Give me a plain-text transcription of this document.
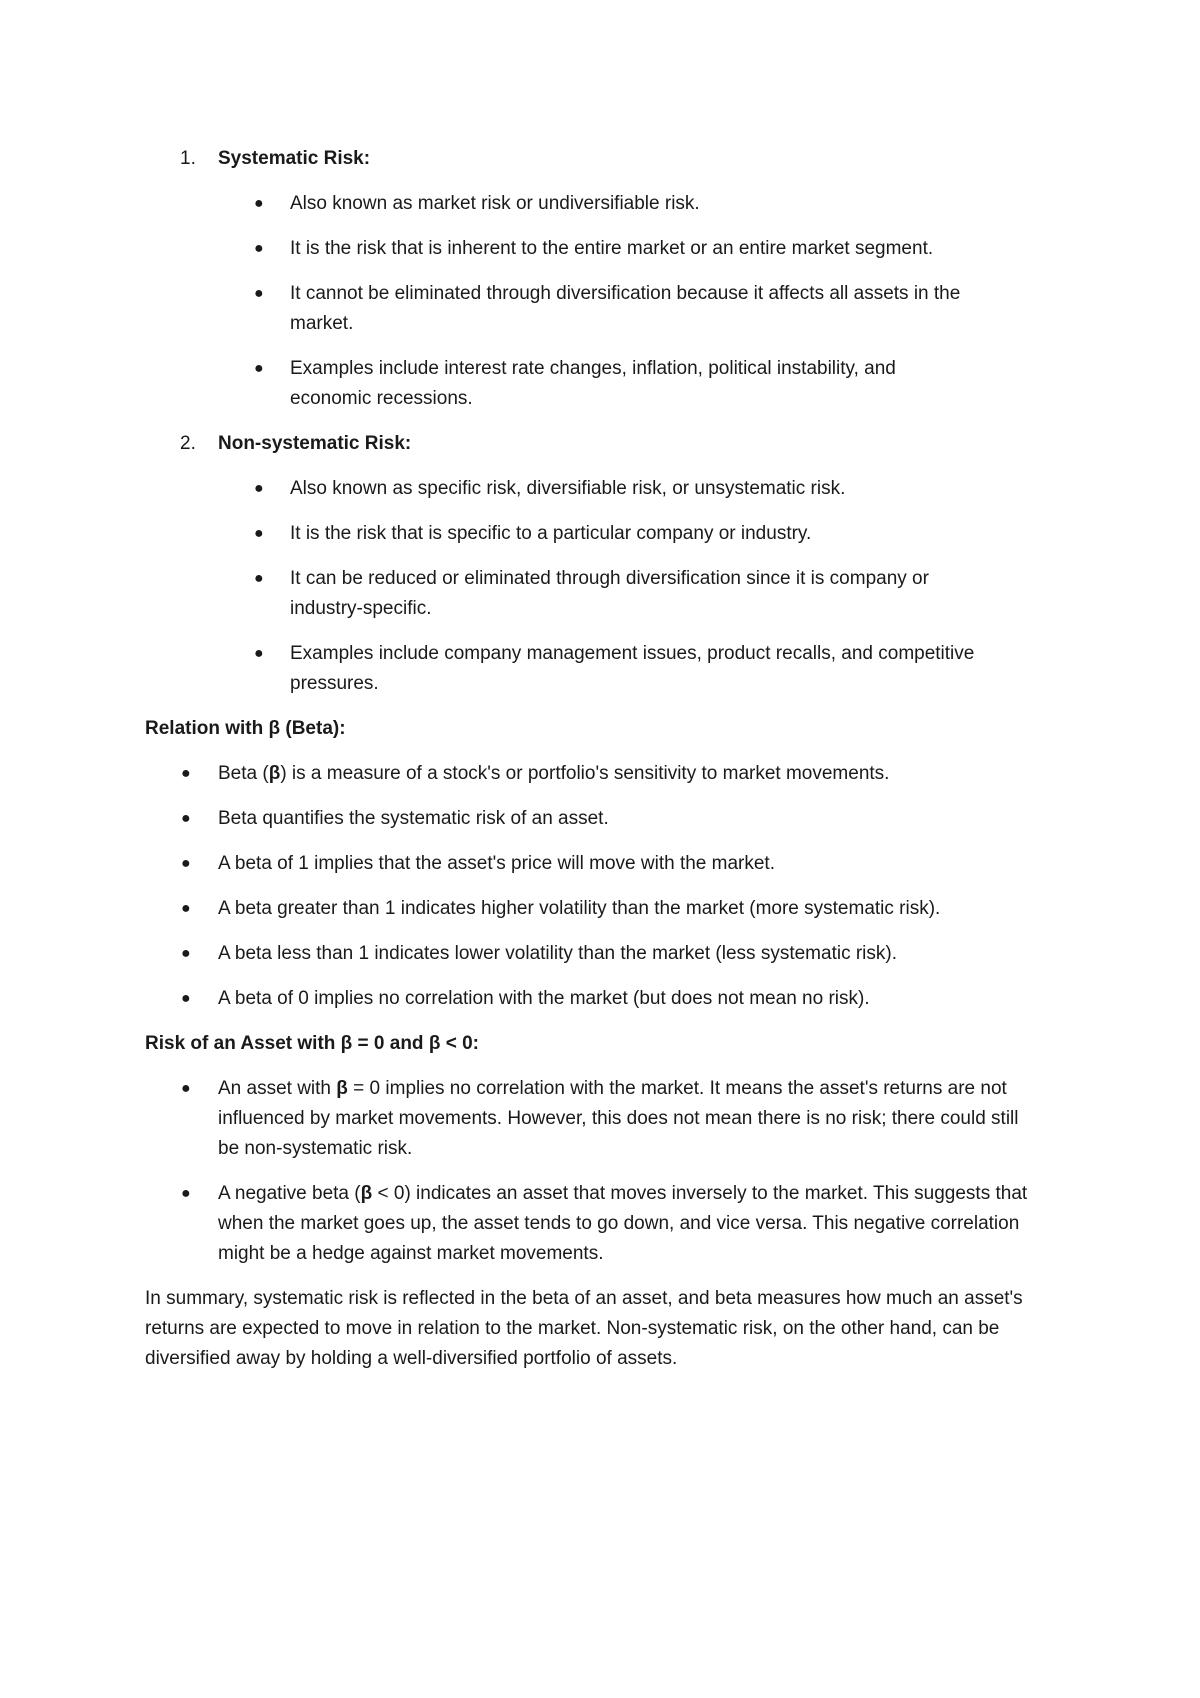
1. Systematic Risk:

● Also known as market risk or undiversifiable risk.
● It is the risk that is inherent to the entire market or an entire market segment.
● It cannot be eliminated through diversification because it affects all assets in the market.
● Examples include interest rate changes, inflation, political instability, and economic recessions.
2. Non-systematic Risk:

● Also known as specific risk, diversifiable risk, or unsystematic risk.
● It is the risk that is specific to a particular company or industry.
● It can be reduced or eliminated through diversification since it is company or industry-specific.
● Examples include company management issues, product recalls, and competitive pressures.

Relation with β (Beta):

● Beta (β) is a measure of a stock's or portfolio's sensitivity to market movements.
● Beta quantifies the systematic risk of an asset.
● A beta of 1 implies that the asset's price will move with the market.
● A beta greater than 1 indicates higher volatility than the market (more systematic risk).
● A beta less than 1 indicates lower volatility than the market (less systematic risk).
● A beta of 0 implies no correlation with the market (but does not mean no risk).

Risk of an Asset with β = 0 and β < 0:

● An asset with β = 0 implies no correlation with the market. It means the asset's returns are not influenced by market movements. However, this does not mean there is no risk; there could still be non-systematic risk.
● A negative beta (β < 0) indicates an asset that moves inversely to the market. This suggests that when the market goes up, the asset tends to go down, and vice versa. This negative correlation might be a hedge against market movements.

In summary, systematic risk is reflected in the beta of an asset, and beta measures how much an asset's returns are expected to move in relation to the market. Non-systematic risk, on the other hand, can be diversified away by holding a well-diversified portfolio of assets.
